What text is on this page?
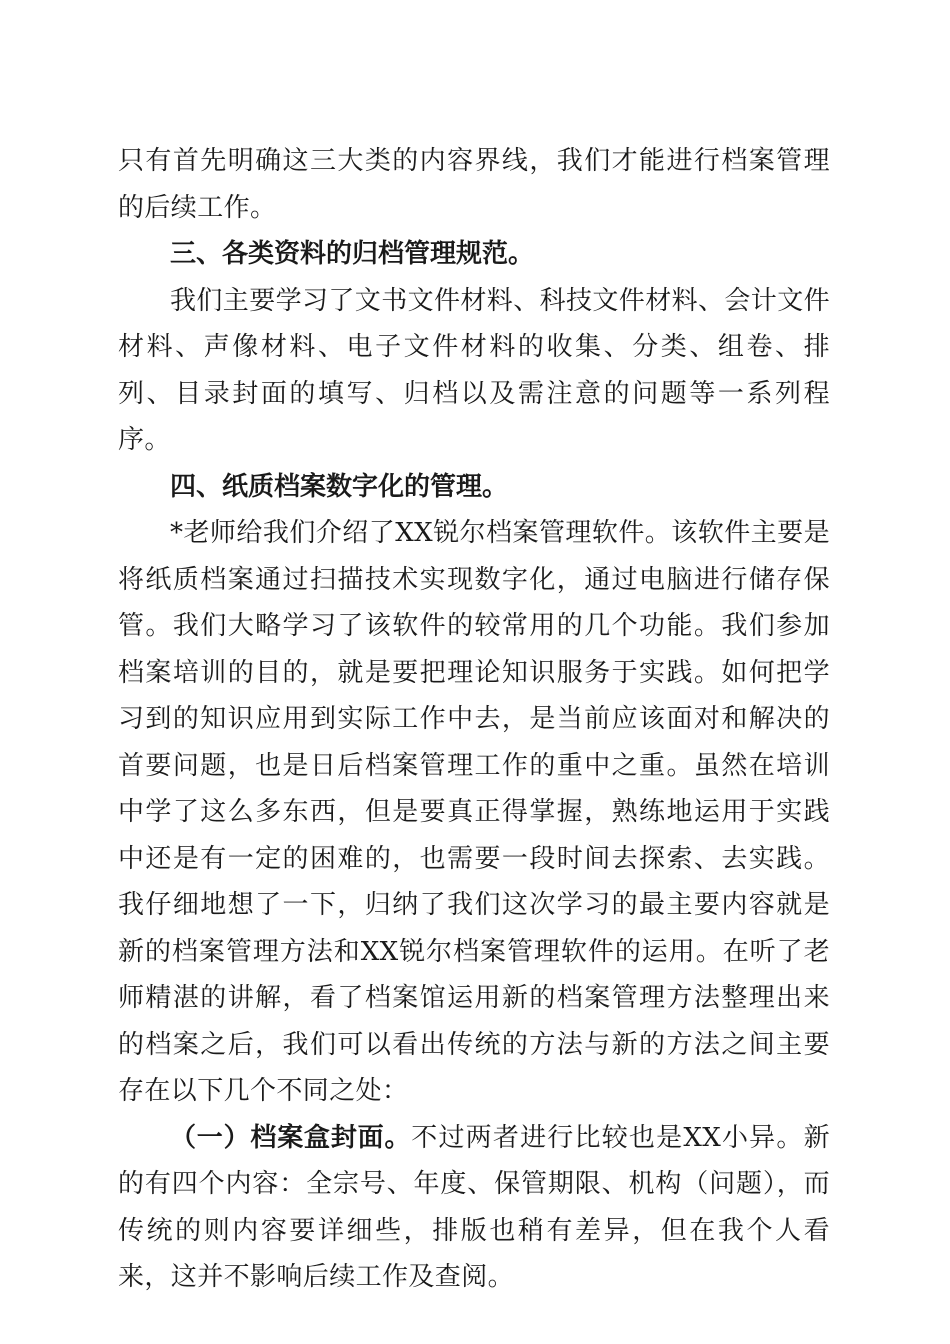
只有首先明确这三大类的内容界线，我们才能进行档案管理的后续工作。

三、各类资料的归档管理规范。

我们主要学习了文书文件材料、科技文件材料、会计文件材料、声像材料、电子文件材料的收集、分类、组卷、排列、目录封面的填写、归档以及需注意的问题等一系列程序。

四、纸质档案数字化的管理。

*老师给我们介绍了XX锐尔档案管理软件。该软件主要是将纸质档案通过扫描技术实现数字化，通过电脑进行储存保管。我们大略学习了该软件的较常用的几个功能。我们参加档案培训的目的，就是要把理论知识服务于实践。如何把学习到的知识应用到实际工作中去，是当前应该面对和解决的首要问题，也是日后档案管理工作的重中之重。虽然在培训中学了这么多东西，但是要真正得掌握，熟练地运用于实践中还是有一定的困难的，也需要一段时间去探索、去实践。我仔细地想了一下，归纳了我们这次学习的最主要内容就是新的档案管理方法和XX锐尔档案管理软件的运用。在听了老师精湛的讲解，看了档案馆运用新的档案管理方法整理出来的档案之后，我们可以看出传统的方法与新的方法之间主要存在以下几个不同之处：

（一）档案盒封面。不过两者进行比较也是XX小异。新的有四个内容：全宗号、年度、保管期限、机构（问题），而传统的则内容要详细些，排版也稍有差异，但在我个人看来，这并不影响后续工作及查阅。
